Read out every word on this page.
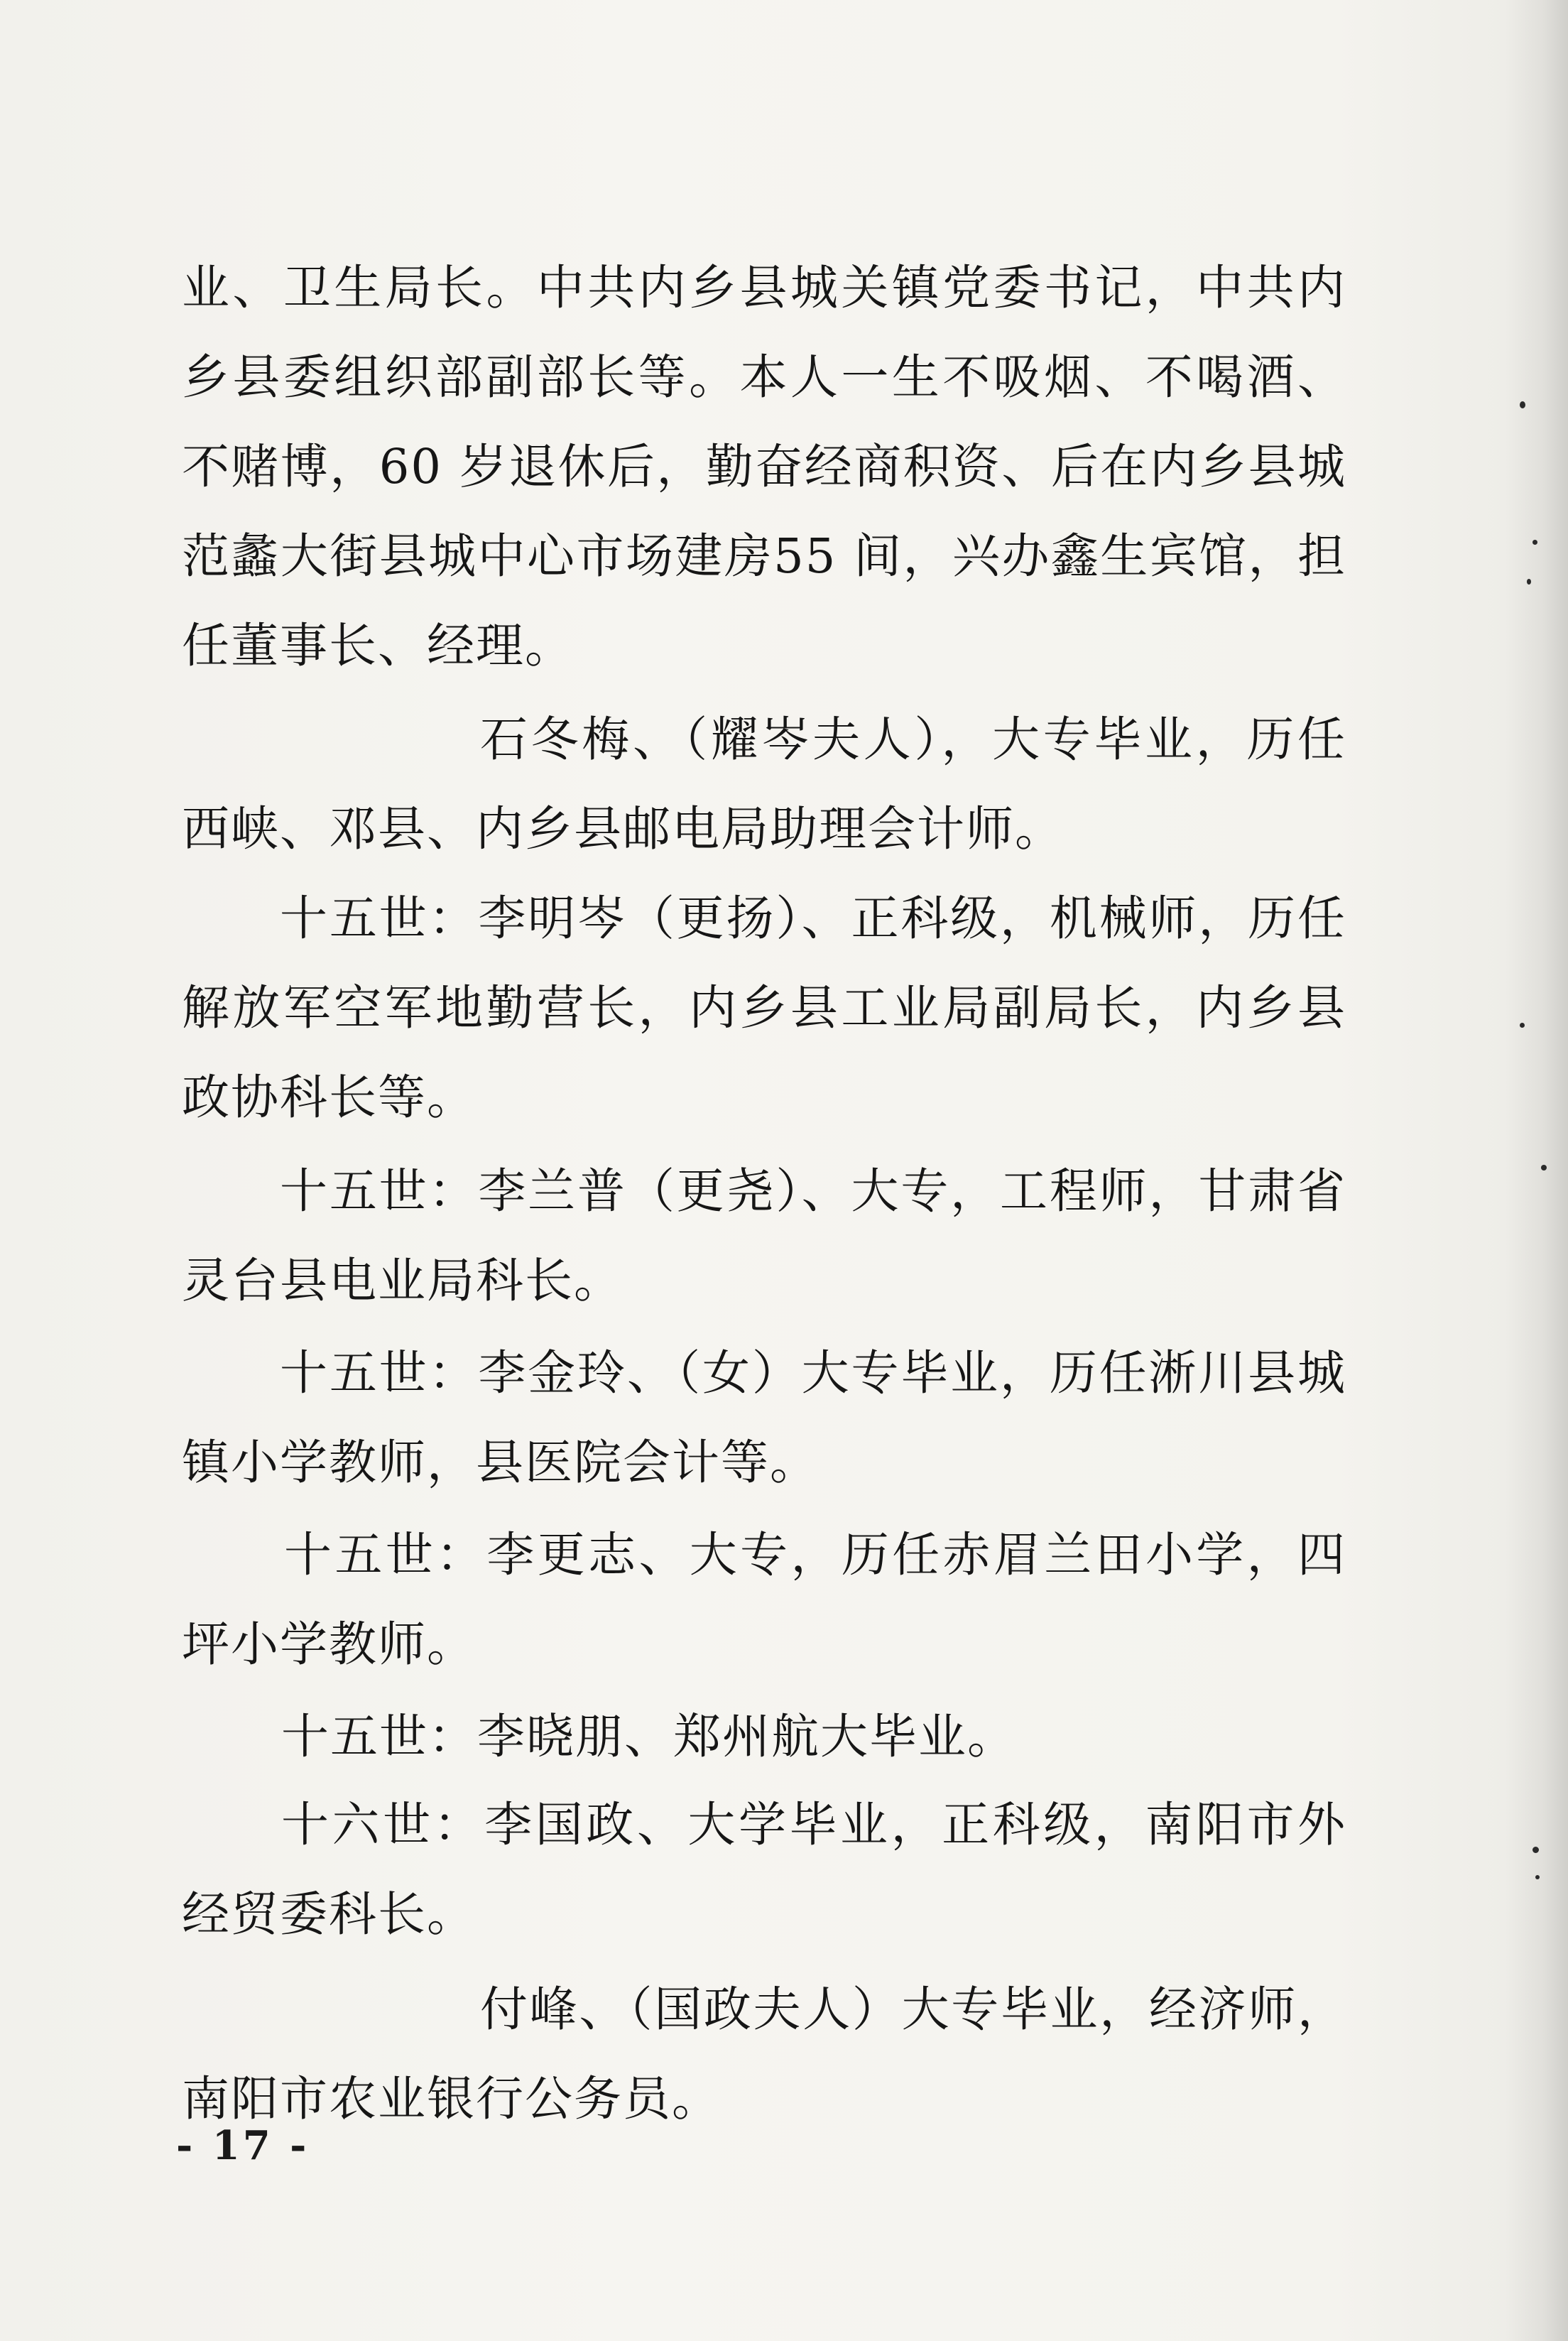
业、卫生局长。中共内乡县城关镇党委书记，中共内
乡县委组织部副部长等。本人一生不吸烟、不喝酒、
不赌博，60 岁退休后，勤奋经商积资、后在内乡县城
范蠡大街县城中心市场建房55 间，兴办鑫生宾馆，担
任董事长、经理。
石冬梅、（耀岑夫人），大专毕业，历任
西峡、邓县、内乡县邮电局助理会计师。
十五世：李明岑（更扬）、正科级，机械师，历任
解放军空军地勤营长，内乡县工业局副局长，内乡县
政协科长等。
十五世：李兰普（更尧）、大专，工程师，甘肃省
灵台县电业局科长。
十五世：李金玲、（女）大专毕业，历任淅川县城
镇小学教师，县医院会计等。
十五世：李更志、大专，历任赤眉兰田小学，四
坪小学教师。
十五世：李晓朋、郑州航大毕业。
十六世：李国政、大学毕业，正科级，南阳市外
经贸委科长。
付峰、（国政夫人）大专毕业，经济师，
南阳市农业银行公务员。
- 17 -
